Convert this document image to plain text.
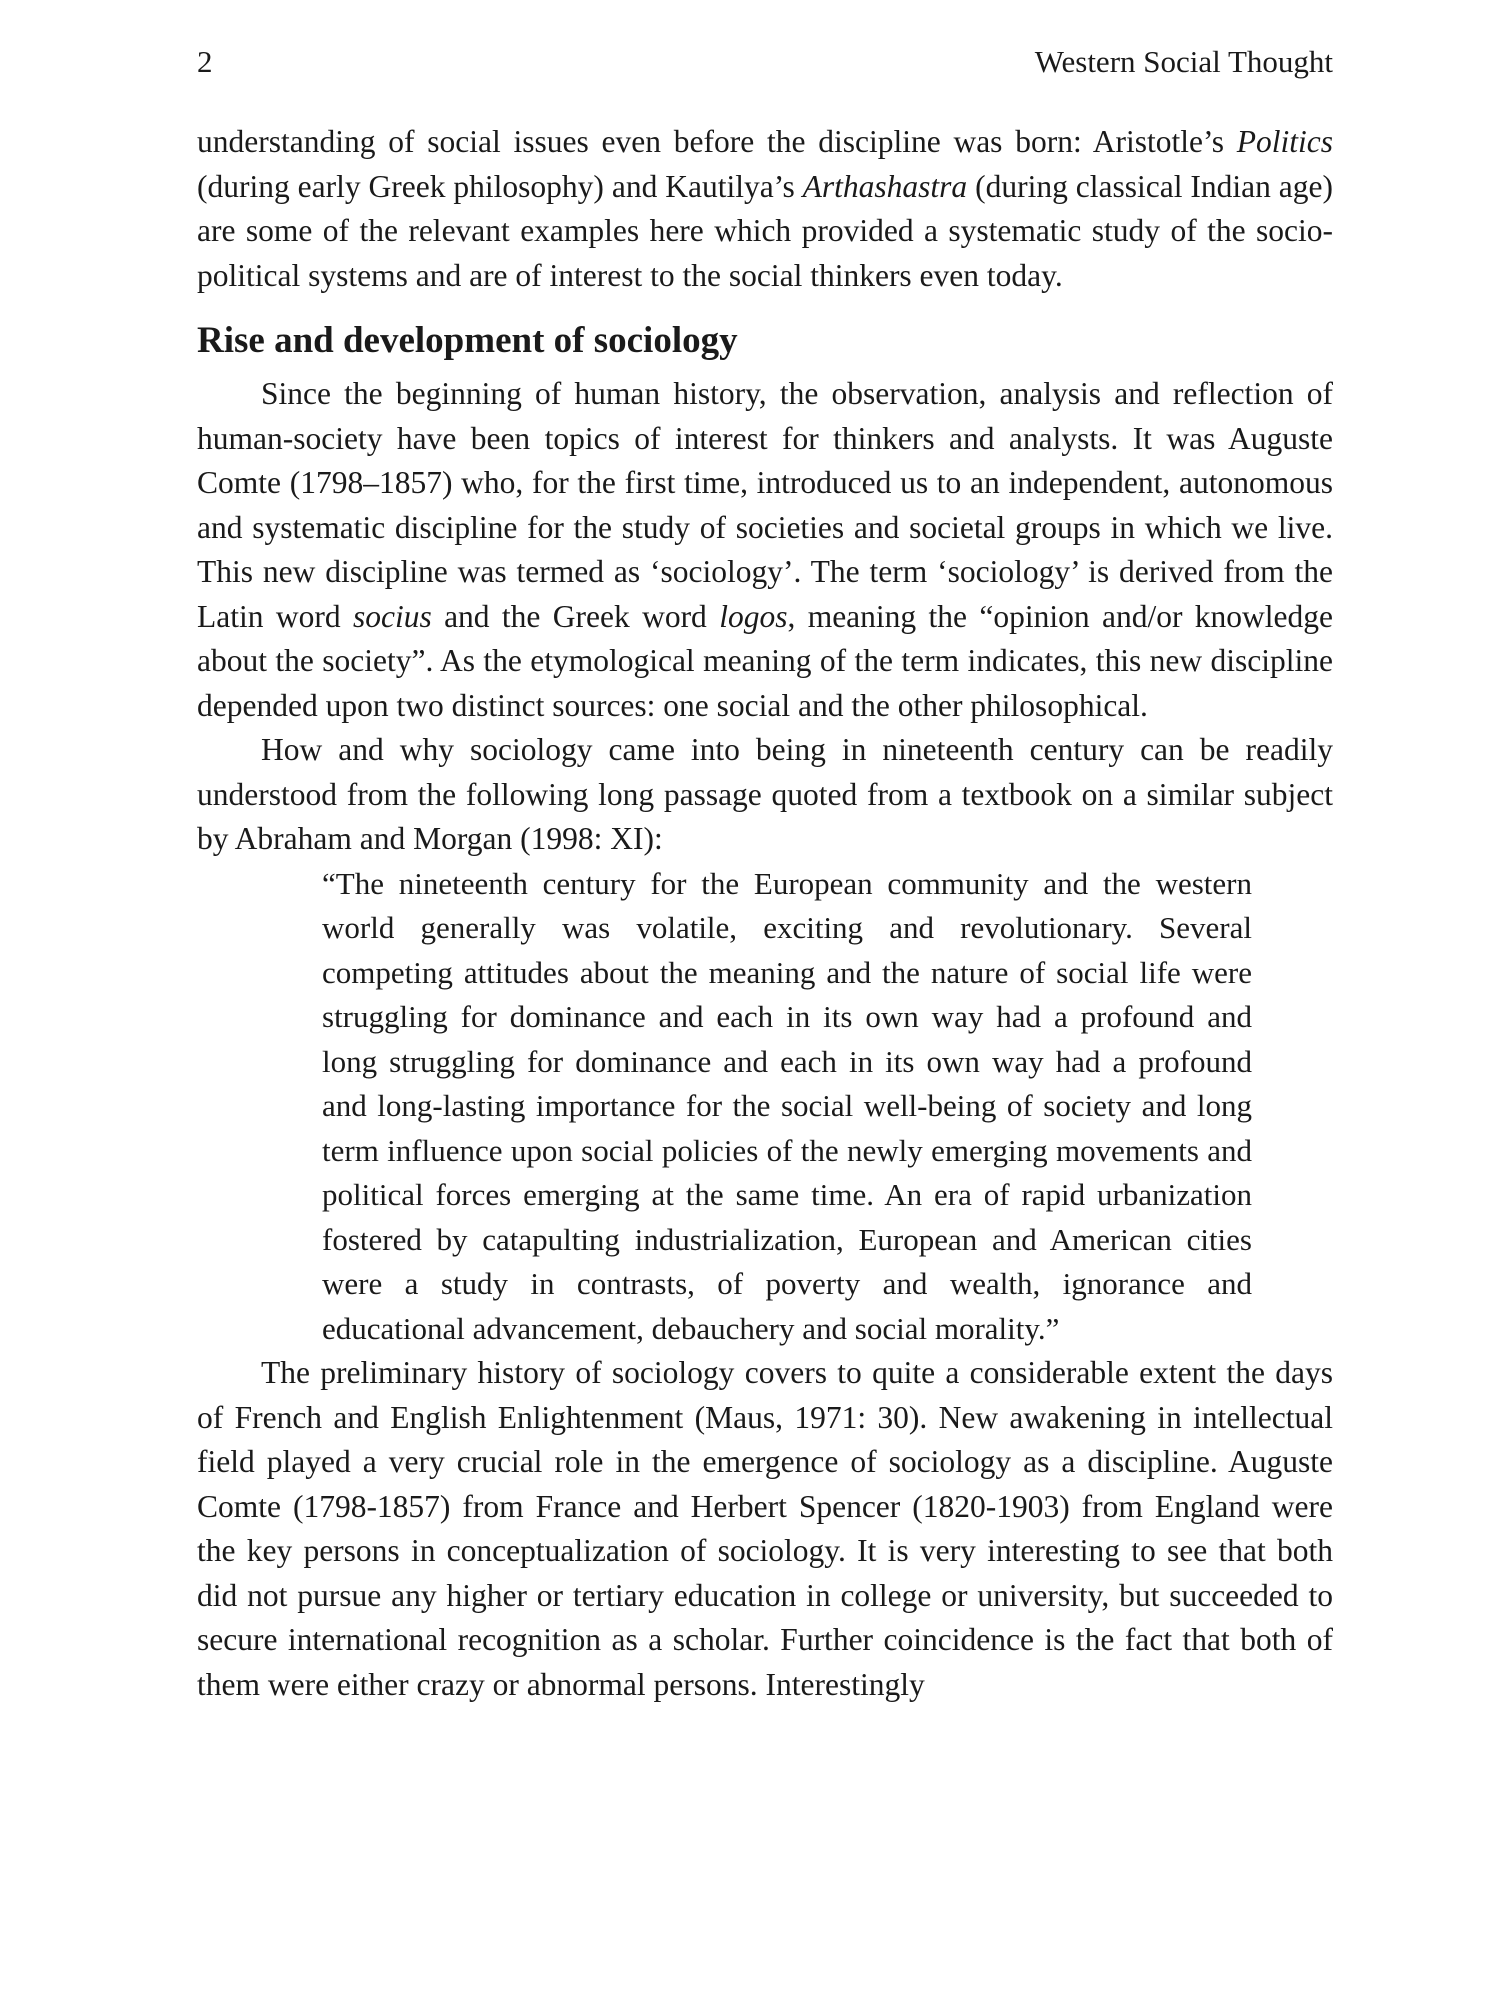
2	Western Social Thought

understanding of social issues even before the discipline was born: Aristotle’s Politics (during early Greek philosophy) and Kautilya’s Arthashastra (during classical Indian age) are some of the relevant examples here which provided a systematic study of the socio-political systems and are of interest to the social thinkers even today.

Rise and development of sociology

Since the beginning of human history, the observation, analysis and reflection of human-society have been topics of interest for thinkers and analysts. It was Auguste Comte (1798–1857) who, for the first time, introduced us to an independent, autonomous and systematic discipline for the study of societies and societal groups in which we live. This new discipline was termed as ‘sociology’. The term ‘sociology’ is derived from the Latin word socius and the Greek word logos, meaning the “opinion and/or knowledge about the society”. As the etymological meaning of the term indicates, this new discipline depended upon two distinct sources: one social and the other philosophical.

How and why sociology came into being in nineteenth century can be readily understood from the following long passage quoted from a textbook on a similar subject by Abraham and Morgan (1998: XI):

“The nineteenth century for the European community and the western world generally was volatile, exciting and revolutionary. Several competing attitudes about the meaning and the nature of social life were struggling for dominance and each in its own way had a profound and long struggling for dominance and each in its own way had a profound and long-lasting importance for the social well-being of society and long term influence upon social policies of the newly emerging movements and political forces emerging at the same time. An era of rapid urbanization fostered by catapulting industrialization, European and American cities were a study in contrasts, of poverty and wealth, ignorance and educational advancement, debauchery and social morality.”

The preliminary history of sociology covers to quite a considerable extent the days of French and English Enlightenment (Maus, 1971: 30). New awakening in intellectual field played a very crucial role in the emergence of sociology as a discipline. Auguste Comte (1798-1857) from France and Herbert Spencer (1820-1903) from England were the key persons in conceptualization of sociology. It is very interesting to see that both did not pursue any higher or tertiary education in college or university, but succeeded to secure international recognition as a scholar. Further coincidence is the fact that both of them were either crazy or abnormal persons. Interestingly
